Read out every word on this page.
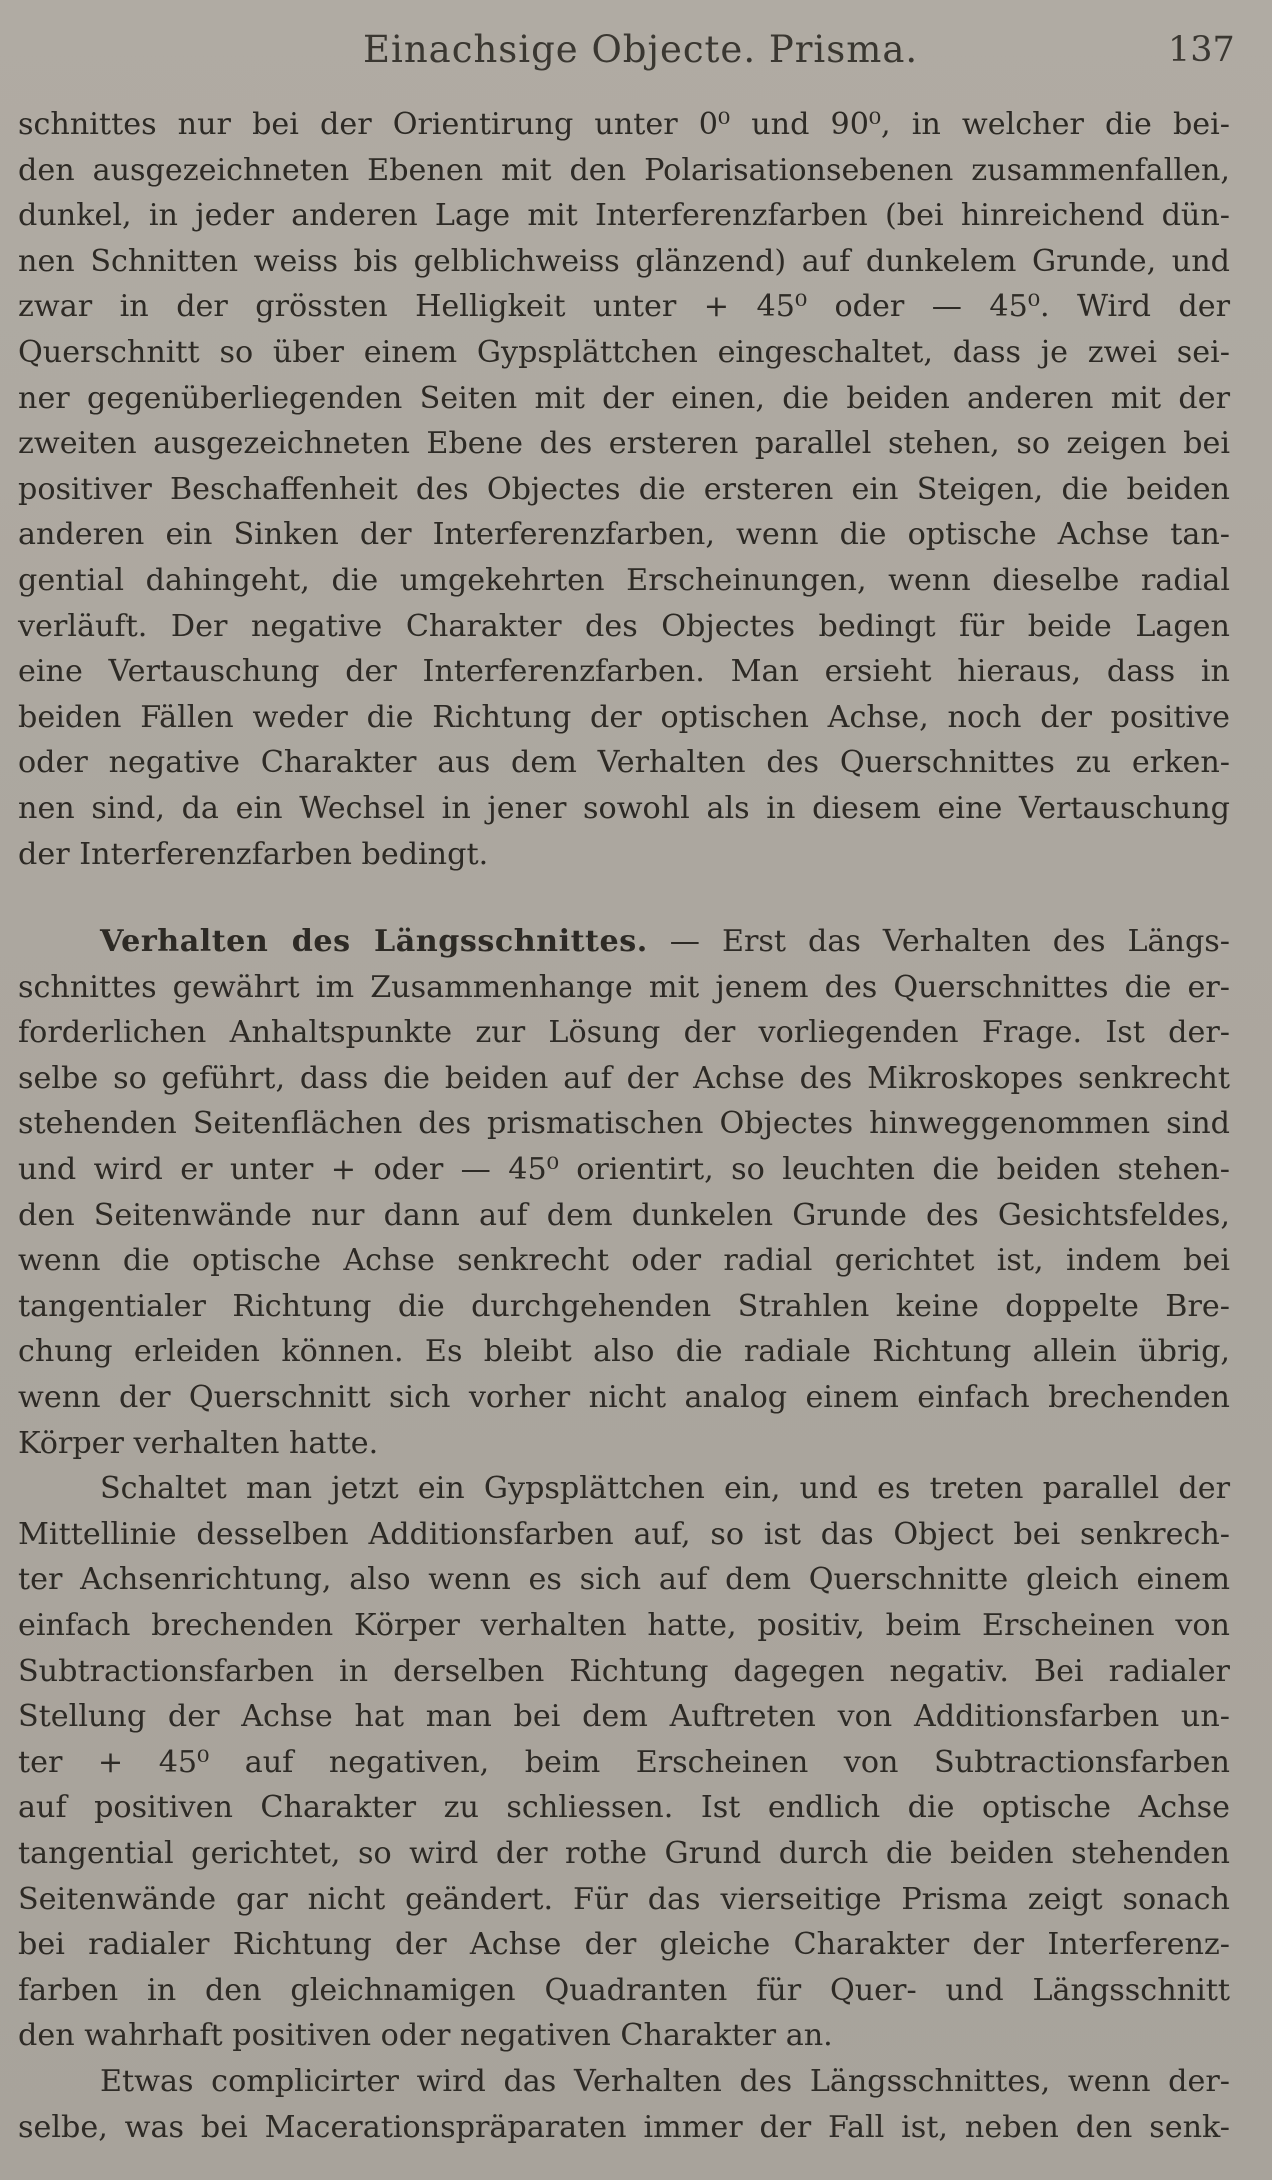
Einachsige Objecte. Prisma.	137
schnittes nur bei der Orientirung unter 0⁰ und 90⁰, in welcher die bei-
den ausgezeichneten Ebenen mit den Polarisationsebenen zusammenfallen,
dunkel, in jeder anderen Lage mit Interferenzfarben (bei hinreichend dün-
nen Schnitten weiss bis gelblichweiss glänzend) auf dunkelem Grunde, und
zwar in der grössten Helligkeit unter + 45⁰ oder — 45⁰. Wird der
Querschnitt so über einem Gypsplättchen eingeschaltet, dass je zwei sei-
ner gegenüberliegenden Seiten mit der einen, die beiden anderen mit der
zweiten ausgezeichneten Ebene des ersteren parallel stehen, so zeigen bei
positiver Beschaffenheit des Objectes die ersteren ein Steigen, die beiden
anderen ein Sinken der Interferenzfarben, wenn die optische Achse tan-
gential dahingeht, die umgekehrten Erscheinungen, wenn dieselbe radial
verläuft. Der negative Charakter des Objectes bedingt für beide Lagen
eine Vertauschung der Interferenzfarben. Man ersieht hieraus, dass in
beiden Fällen weder die Richtung der optischen Achse, noch der positive
oder negative Charakter aus dem Verhalten des Querschnittes zu erken-
nen sind, da ein Wechsel in jener sowohl als in diesem eine Vertauschung
der Interferenzfarben bedingt.
Verhalten des Längsschnittes. — Erst das Verhalten des Längs-
schnittes gewährt im Zusammenhange mit jenem des Querschnittes die er-
forderlichen Anhaltspunkte zur Lösung der vorliegenden Frage. Ist der-
selbe so geführt, dass die beiden auf der Achse des Mikroskopes senkrecht
stehenden Seitenflächen des prismatischen Objectes hinweggenommen sind
und wird er unter + oder — 45⁰ orientirt, so leuchten die beiden stehen-
den Seitenwände nur dann auf dem dunkelen Grunde des Gesichtsfeldes,
wenn die optische Achse senkrecht oder radial gerichtet ist, indem bei
tangentialer Richtung die durchgehenden Strahlen keine doppelte Bre-
chung erleiden können. Es bleibt also die radiale Richtung allein übrig,
wenn der Querschnitt sich vorher nicht analog einem einfach brechenden
Körper verhalten hatte.
Schaltet man jetzt ein Gypsplättchen ein, und es treten parallel der
Mittellinie desselben Additionsfarben auf, so ist das Object bei senkrech-
ter Achsenrichtung, also wenn es sich auf dem Querschnitte gleich einem
einfach brechenden Körper verhalten hatte, positiv, beim Erscheinen von
Subtractionsfarben in derselben Richtung dagegen negativ. Bei radialer
Stellung der Achse hat man bei dem Auftreten von Additionsfarben un-
ter + 45⁰ auf negativen, beim Erscheinen von Subtractionsfarben
auf positiven Charakter zu schliessen. Ist endlich die optische Achse
tangential gerichtet, so wird der rothe Grund durch die beiden stehenden
Seitenwände gar nicht geändert. Für das vierseitige Prisma zeigt sonach
bei radialer Richtung der Achse der gleiche Charakter der Interferenz-
farben in den gleichnamigen Quadranten für Quer- und Längsschnitt
den wahrhaft positiven oder negativen Charakter an.
Etwas complicirter wird das Verhalten des Längsschnittes, wenn der-
selbe, was bei Macerationspräparaten immer der Fall ist, neben den senk-
